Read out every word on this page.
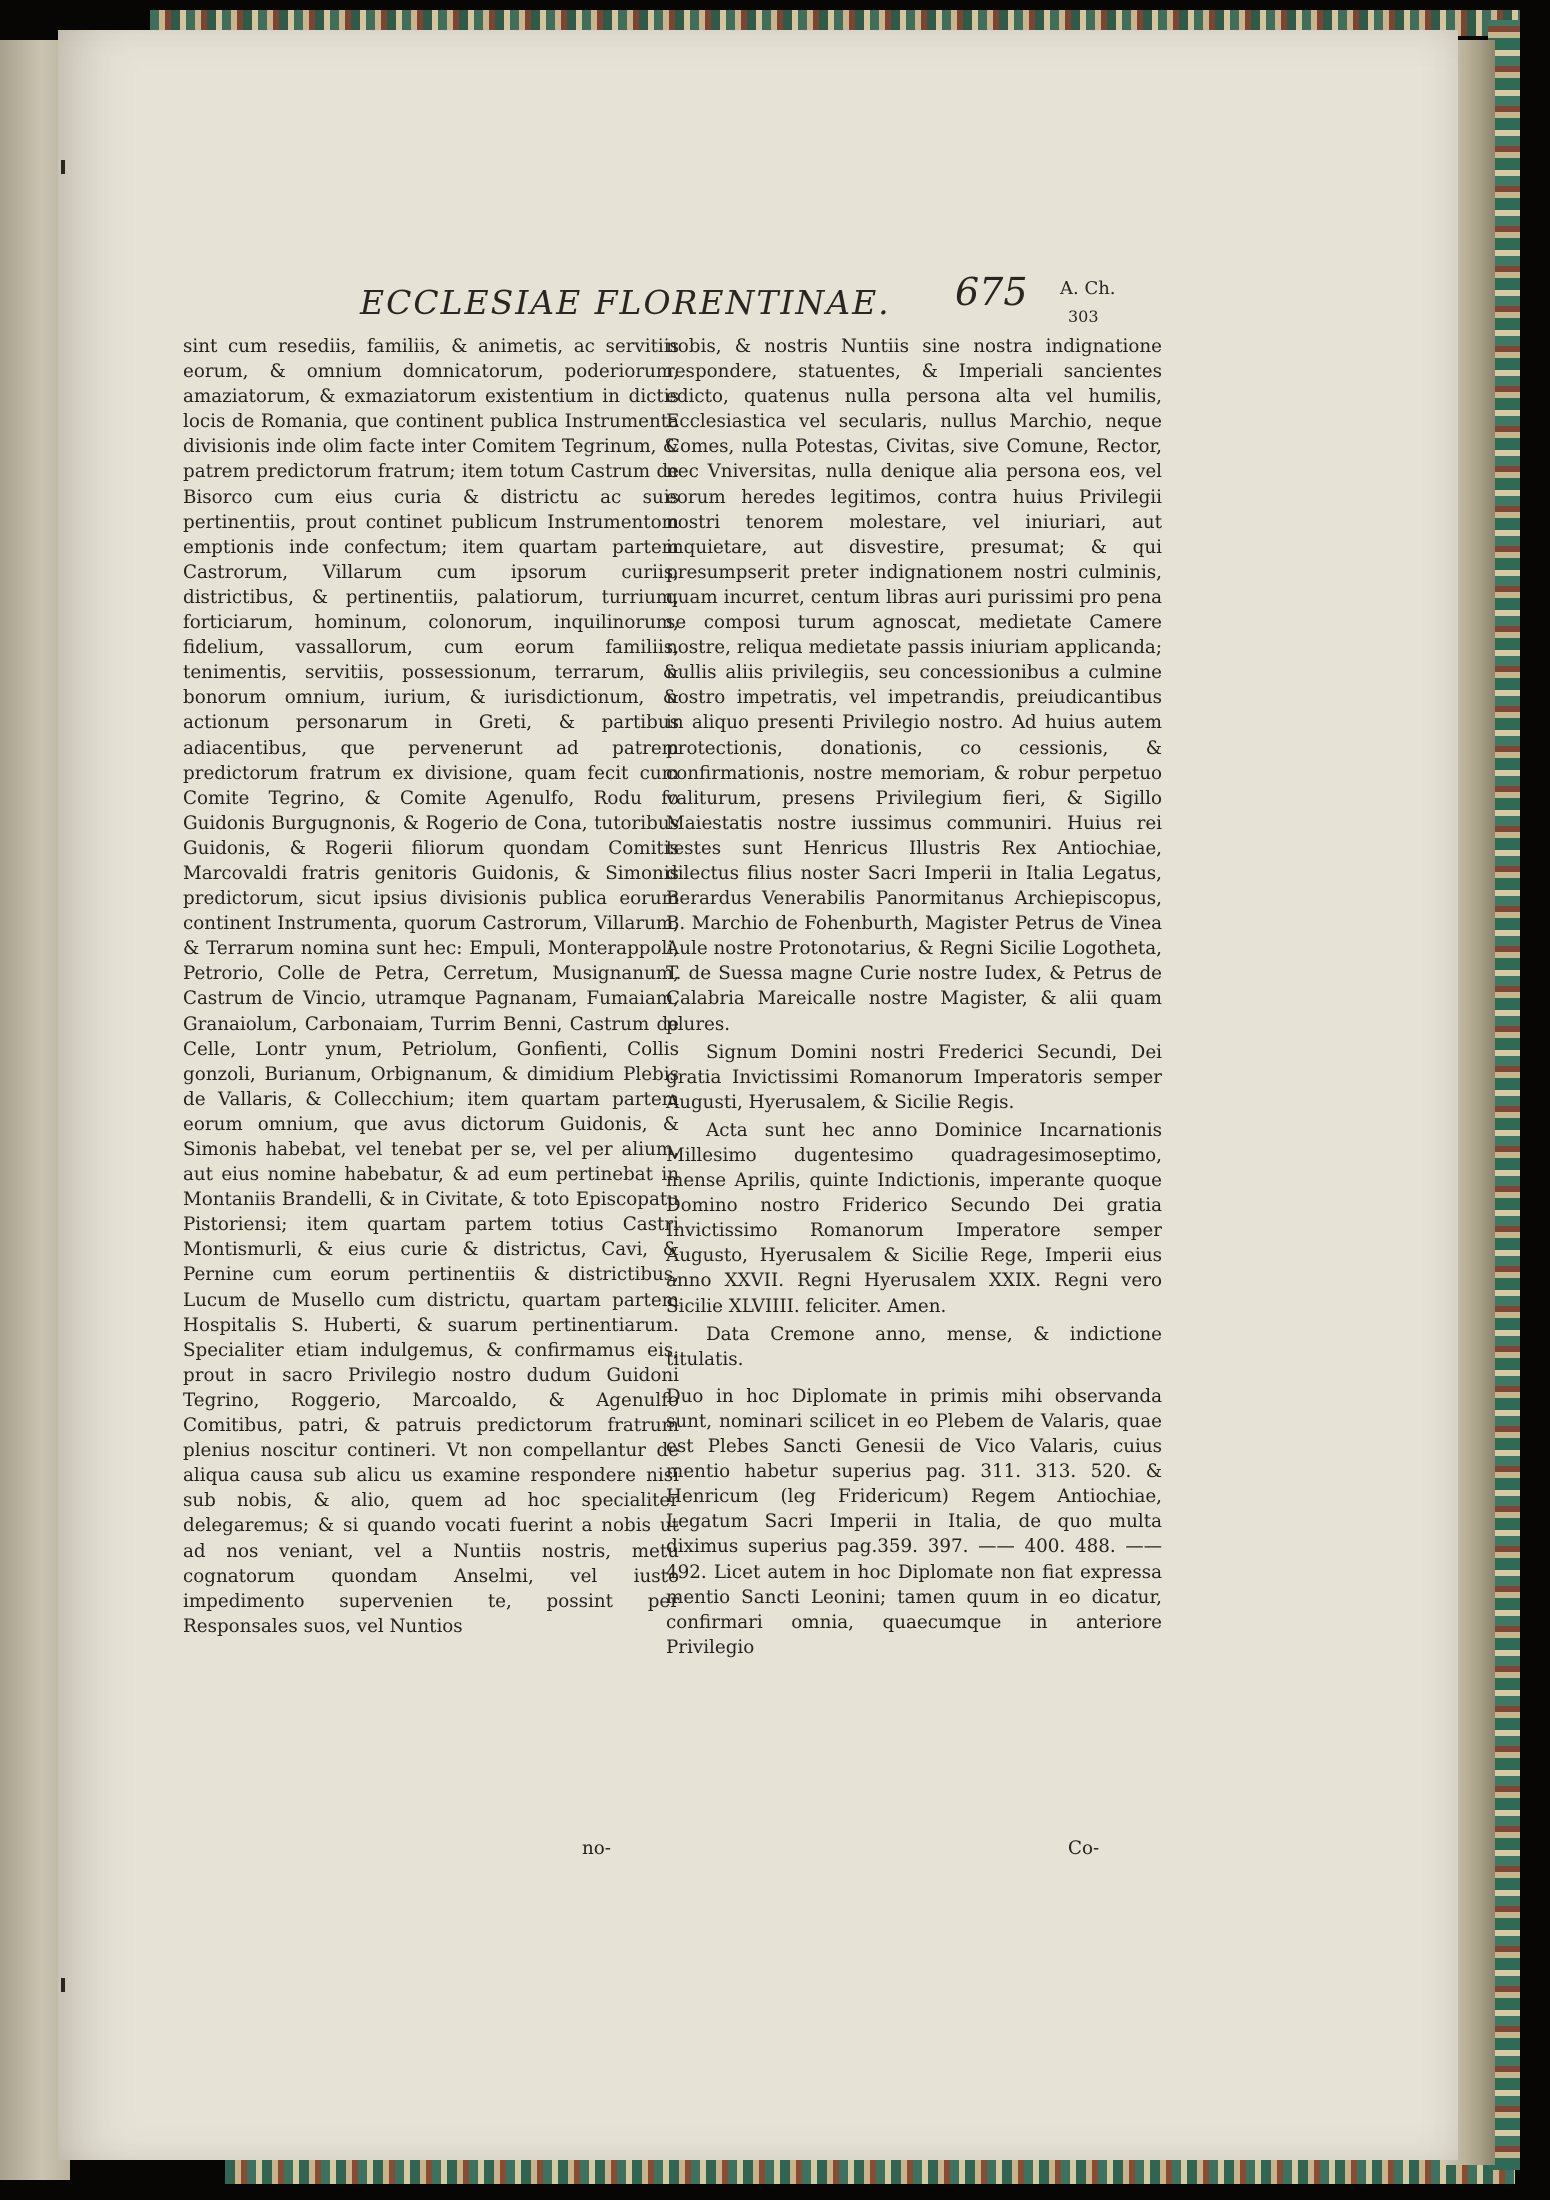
ECCLESIAE FLORENTINAE. 675 A. Ch.
303

sint cum resediis, familiis, & animetis, ac servitiis eorum, & omnium domnicatorum, poderiorum, amaziatorum, & exmaziatorum existentium in dictis locis de Romania, que continent publica Instrumenta divisionis inde olim facte inter Comitem Tegrinum, & patrem predictorum fratrum; item totum Castrum de Bisorco cum eius curia & districtu ac suis pertinentiis, prout continet publicum Instrumentom emptionis inde confectum; item quartam partem Castrorum, Villarum cum ipsorum curiis, districtibus, & pertinentiis, palatiorum, turrium, forticiarum, hominum, colonorum, inquilinorum, fidelium, vassallorum, cum eorum familiis, tenimentis, servitiis, possessionum, terrarum, & bonorum omnium, iurium, & iurisdictionum, & actionum personarum in Greti, & partibus adiacentibus, que pervenerunt ad patrem predictorum fratrum ex divisione, quam fecit cum Comite Tegrino, & Comite Agenulfo, Rodu fo Guidonis Burgugnonis, & Rogerio de Cona, tutoribus Guidonis, & Rogerii filiorum quondam Comitis Marcovaldi fratris genitoris Guidonis, & Simonis predictorum, sicut ipsius divisionis publica eorum continent Instrumenta, quorum Castrorum, Villarum, & Terrarum nomina sunt hec: Empuli, Monterappoli, Petrorio, Colle de Petra, Cerretum, Musignanum, Castrum de Vincio, utramque Pagnanam, Fumaiam, Granaiolum, Carbonaiam, Turrim Benni, Castrum de Celle, Lontr ynum, Petriolum, Gonfienti, Collis gonzoli, Burianum, Orbignanum, & dimidium Plebis de Vallaris, & Collecchium; item quartam partem eorum omnium, que avus dictorum Guidonis, & Simonis habebat, vel tenebat per se, vel per alium, aut eius nomine habebatur, & ad eum pertinebat in Montaniis Brandelli, & in Civitate, & toto Episcopatu Pistoriensi; item quartam partem totius Castri Montismurli, & eius curie & districtus, Cavi, & Pernine cum eorum pertinentiis & districtibus, Lucum de Musello cum districtu, quartam partem Hospitalis S. Huberti, & suarum pertinentiarum. Specialiter etiam indulgemus, & confirmamus eis, prout in sacro Privilegio nostro dudum Guidoni Tegrino, Roggerio, Marcoaldo, & Agenulfo Comitibus, patri, & patruis predictorum fratrum plenius noscitur contineri. Vt non compellantur de aliqua causa sub alicu us examine respondere nisi sub nobis, & alio, quem ad hoc specialiter delegaremus; & si quando vocati fuerint a nobis ut ad nos veniant, vel a Nuntiis nostris, metu cognatorum quondam Anselmi, vel iusto impedimento supervenien te, possint per Responsales suos, vel Nuntios

no-

nobis, & nostris Nuntiis sine nostra indignatione respondere, statuentes, & Imperiali sancientes edicto, quatenus nulla persona alta vel humilis, Ecclesiastica vel secularis, nullus Marchio, neque Comes, nulla Potestas, Civitas, sive Comune, Rector, nec Vniversitas, nulla denique alia persona eos, vel eorum heredes legitimos, contra huius Privilegii nostri tenorem molestare, vel iniuriari, aut inquietare, aut disvestire, presumat; & qui presumpserit preter indignationem nostri culminis, quam incurret, centum libras auri purissimi pro pena se composi turum agnoscat, medietate Camere nostre, reliqua medietate passis iniuriam applicanda; nullis aliis privilegiis, seu concessionibus a culmine nostro impetratis, vel impetrandis, preiudicantibus in aliquo presenti Privilegio nostro. Ad huius autem protectionis, donationis, co cessionis, & confirmationis, nostre memoriam, & robur perpetuo valiturum, presens Privilegium fieri, & Sigillo Maiestatis nostre iussimus communiri. Huius rei testes sunt Henricus Illustris Rex Antiochiae, dilectus filius noster Sacri Imperii in Italia Legatus, Berardus Venerabilis Panormitanus Archiepiscopus, B. Marchio de Fohenburth, Magister Petrus de Vinea Aule nostre Protonotarius, & Regni Sicilie Logotheta, T. de Suessa magne Curie nostre Iudex, & Petrus de Calabria Mareicalle nostre Magister, & alii quam plures.

Signum Domini nostri Frederici Secundi, Dei gratia Invictissimi Romanorum Imperatoris semper Augusti, Hyerusalem, & Sicilie Regis.

Acta sunt hec anno Dominice Incarnationis Millesimo dugentesimo quadragesimoseptimo, mense Aprilis, quinte Indictionis, imperante quoque Domino nostro Friderico Secundo Dei gratia Invictissimo Romanorum Imperatore semper Augusto, Hyerusalem & Sicilie Rege, Imperii eius anno XXVII. Regni Hyerusalem XXIX. Regni vero Sicilie XLVIIII. feliciter. Amen.

Data Cremone anno, mense, & indictione titulatis.

Duo in hoc Diplomate in primis mihi observanda sunt, nominari scilicet in eo Plebem de Valaris, quae est Plebes Sancti Genesii de Vico Valaris, cuius mentio habetur superius pag. 311. 313. 520. & Henricum (leg Fridericum) Regem Antiochiae, Legatum Sacri Imperii in Italia, de quo multa diximus superius pag.359. 397. —— 400. 488. —— 492. Licet autem in hoc Diplomate non fiat expressa mentio Sancti Leonini; tamen quum in eo dicatur, confirmari omnia, quaecumque in anteriore Privilegio

Co-
